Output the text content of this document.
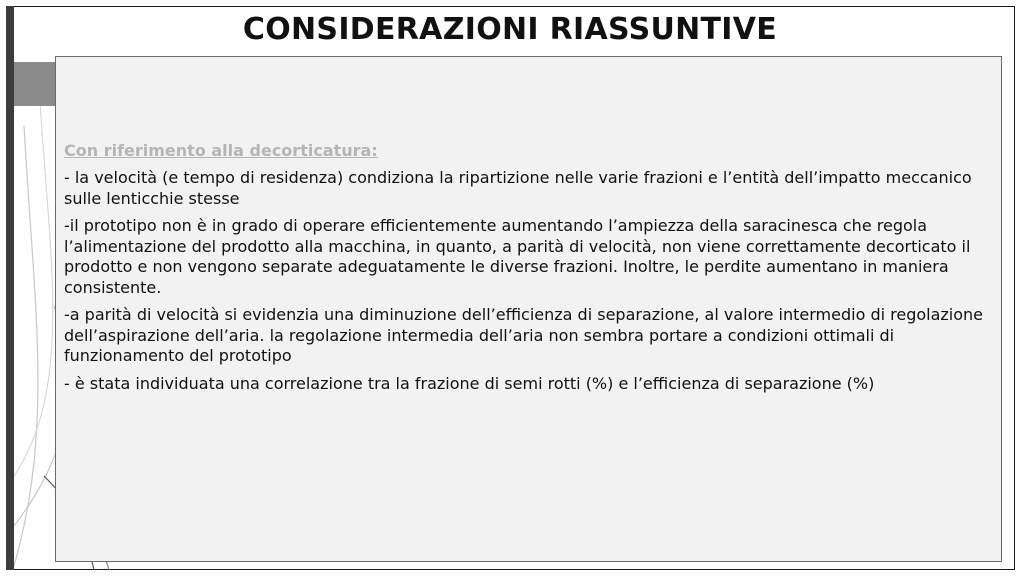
CONSIDERAZIONI RIASSUNTIVE
Con riferimento alla decorticatura:

- la velocità (e tempo di residenza) condiziona la ripartizione nelle varie frazioni e l’entità dell’impatto meccanico sulle lenticchie stesse

-il prototipo non è in grado di operare efficientemente aumentando l’ampiezza della saracinesca che regola l’alimentazione del prodotto alla macchina, in quanto, a parità di velocità, non viene correttamente decorticato il prodotto e non vengono separate adeguatamente le diverse frazioni. Inoltre, le perdite aumentano in maniera consistente.

-a parità di velocità si evidenzia una diminuzione dell’efficienza di separazione, al valore intermedio di regolazione dell’aspirazione dell’aria. la regolazione intermedia dell’aria non sembra portare a condizioni ottimali di funzionamento del prototipo

- è stata individuata una correlazione tra la frazione di semi rotti (%) e l’efficienza di separazione (%)
